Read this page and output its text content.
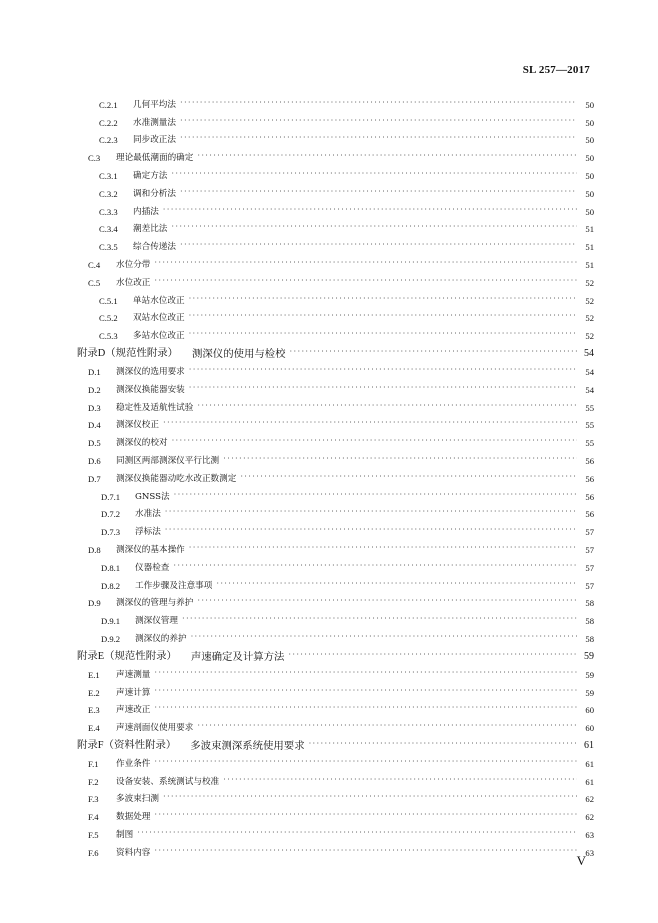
SL 257—2017
C.2.1	几何平均法 ·····	50
C.2.2	水准测量法 ·····	50
C.2.3	同步改正法 ·····	50
C.3	理论最低潮面的确定 ·····	50
C.3.1	确定方法 ·····	50
C.3.2	调和分析法 ·····	50
C.3.3	内插法 ·····	50
C.3.4	潮差比法 ·····	51
C.3.5	综合传递法 ·····	51
C.4	水位分带 ·····	51
C.5	水位改正 ·····	52
C.5.1	单站水位改正 ·····	52
C.5.2	双站水位改正 ·····	52
C.5.3	多站水位改正 ·····	52
附录D（规范性附录） 测深仪的使用与检校 ·····	54
D.1	测深仪的选用要求 ·····	54
D.2	测深仪换能器安装 ·····	54
D.3	稳定性及适航性试验 ·····	55
D.4	测深仪校正 ·····	55
D.5	测深仪的校对 ·····	55
D.6	同测区两部测深仪平行比测 ·····	56
D.7	测深仪换能器动吃水改正数测定 ·····	56
D.7.1	GNSS法 ·····	56
D.7.2	水准法 ·····	56
D.7.3	浮标法 ·····	57
D.8	测深仪的基本操作 ·····	57
D.8.1	仪器检查 ·····	57
D.8.2	工作步骤及注意事项 ·····	57
D.9	测深仪的管理与养护 ·····	58
D.9.1	测深仪管理 ·····	58
D.9.2	测深仪的养护 ·····	58
附录E（规范性附录） 声速确定及计算方法 ·····	59
E.1	声速测量 ·····	59
E.2	声速计算 ·····	59
E.3	声速改正 ·····	60
E.4	声速剖面仪使用要求 ·····	60
附录F（资料性附录） 多波束测深系统使用要求 ·····	61
F.1	作业条件 ·····	61
F.2	设备安装、系统测试与校准 ·····	61
F.3	多波束扫测 ·····	62
F.4	数据处理 ·····	62
F.5	制图 ·····	63
F.6	资料内容 ·····	63
V
